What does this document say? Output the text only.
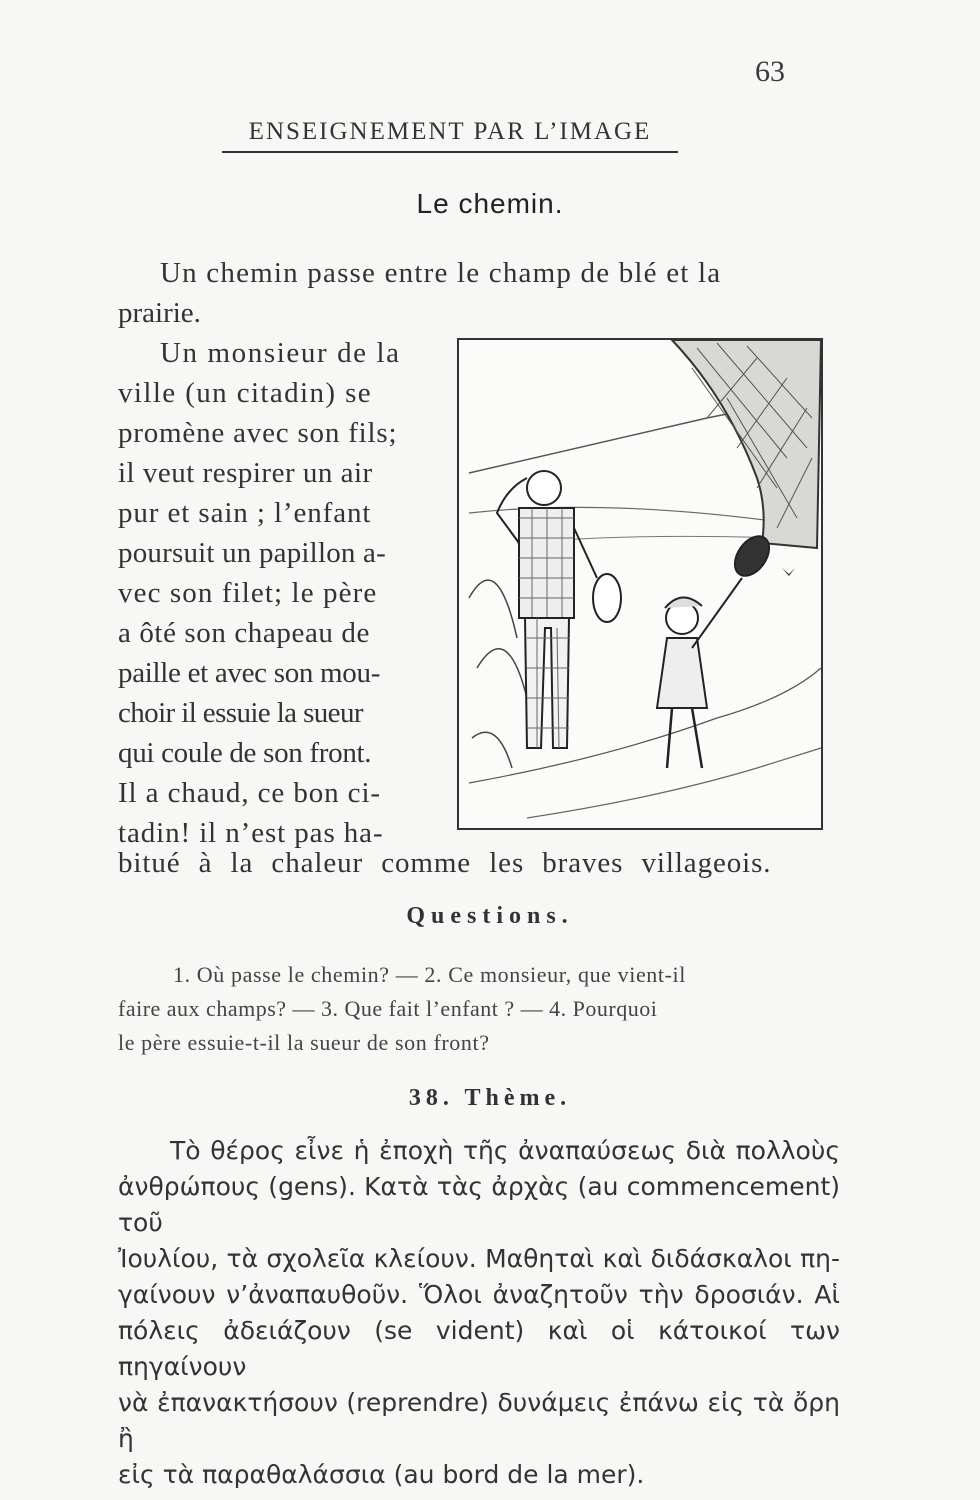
63
ENSEIGNEMENT PAR L’IMAGE
Le chemin.
Un chemin passe entre le champ de blé et la
prairie.
Un monsieur de la
ville (un citadin) se
promène avec son fils;
il veut respirer un air
pur et sain ; l’enfant
poursuit un papillon a-
vec son filet; le père
a ôté son chapeau de
paille et avec son mou-
choir il essuie la sueur
qui coule de son front.
Il a chaud, ce bon ci-
tadin! il n’est pas ha-
bitué à la chaleur comme les braves villageois.
Questions.
1. Où passe le chemin? — 2. Ce monsieur, que vient-il
faire aux champs? — 3. Que fait l’enfant ? — 4. Pourquoi
le père essuie-t-il la sueur de son front?
38. Thème.
Τὸ θέρος εἶνε ἡ ἐποχὴ τῆς ἀναπαύσεως διὰ πολλοὺς
ἀνθρώπους (gens). Κατὰ τὰς ἀρχὰς (au commencement) τοῦ
Ἰουλίου, τὰ σχολεῖα κλείουν. Μαθηταὶ καὶ διδάσκαλοι πη-
γαίνουν ν’ἀναπαυθοῦν. Ὅλοι ἀναζητοῦν τὴν δροσιάν. Αἱ
πόλεις ἀδειάζουν (se vident) καὶ οἱ κάτοικοί των πηγαίνουν
νὰ ἐπανακτήσουν (reprendre) δυνάμεις ἐπάνω εἰς τὰ ὄρη ἢ
εἰς τὰ παραθαλάσσια (au bord de la mer).
